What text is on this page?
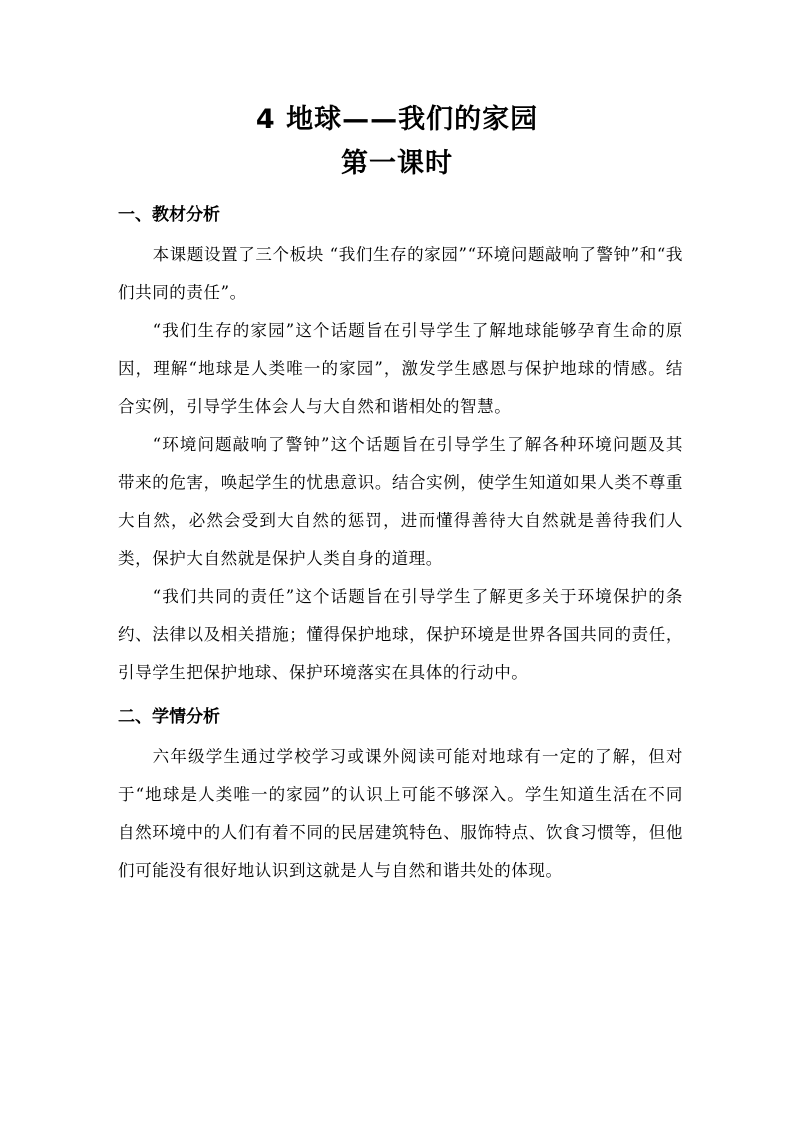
4 地球——我们的家园
第一课时
一、教材分析

本课题设置了三个板块 “我们生存的家园”“环境问题敲响了警钟”和“我们共同的责任”。

“我们生存的家园”这个话题旨在引导学生了解地球能够孕育生命的原因，理解“地球是人类唯一的家园”，激发学生感恩与保护地球的情感。结合实例，引导学生体会人与大自然和谐相处的智慧。

“环境问题敲响了警钟”这个话题旨在引导学生了解各种环境问题及其带来的危害，唤起学生的忧患意识。结合实例，使学生知道如果人类不尊重大自然，必然会受到大自然的惩罚，进而懂得善待大自然就是善待我们人类，保护大自然就是保护人类自身的道理。

“我们共同的责任”这个话题旨在引导学生了解更多关于环境保护的条约、法律以及相关措施；懂得保护地球，保护环境是世界各国共同的责任，引导学生把保护地球、保护环境落实在具体的行动中。

二、学情分析

六年级学生通过学校学习或课外阅读可能对地球有一定的了解，但对于“地球是人类唯一的家园”的认识上可能不够深入。学生知道生活在不同自然环境中的人们有着不同的民居建筑特色、服饰特点、饮食习惯等，但他们可能没有很好地认识到这就是人与自然和谐共处的体现。
